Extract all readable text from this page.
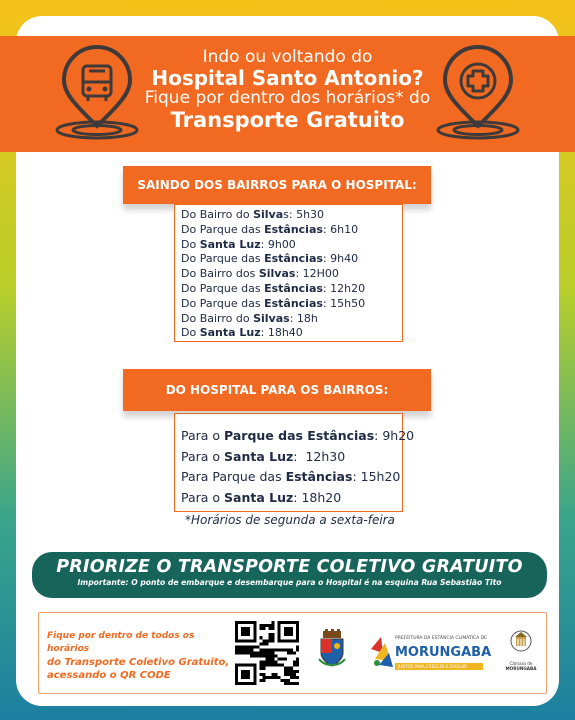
Indo ou voltando do
Hospital Santo Antonio?
Fique por dentro dos horários* do
Transporte Gratuito
SAINDO DOS BAIRROS PARA O HOSPITAL:
Do Bairro do Silvas: 5h30
Do Parque das Estâncias: 6h10
Do Santa Luz: 9h00
Do Parque das Estâncias: 9h40
Do Bairro dos Silvas: 12H00
Do Parque das Estâncias: 12h20
Do Parque das Estâncias: 15h50
Do Bairro do Silvas: 18h
Do Santa Luz: 18h40
DO HOSPITAL PARA OS BAIRROS:
Para o Parque das Estâncias: 9h20
Para o Santa Luz:  12h30
Para Parque das Estâncias: 15h20
Para o Santa Luz: 18h20
*Horários de segunda a sexta-feira
PRIORIZE O TRANSPORTE COLETIVO GRATUITO
Importante: O ponto de embarque e desembarque para o Hospital é na esquina Rua Sebastião Tito
Fique por dentro de todos os horários
do Transporte Coletivo Gratuito,
acessando o QR CODE
PREFEITURA DA ESTÂNCIA CLIMÁTICA DE
MORUNGABA
JUNTOS PARA CRESCER E EVOLUIR
Câmara de
MORUNGABA
